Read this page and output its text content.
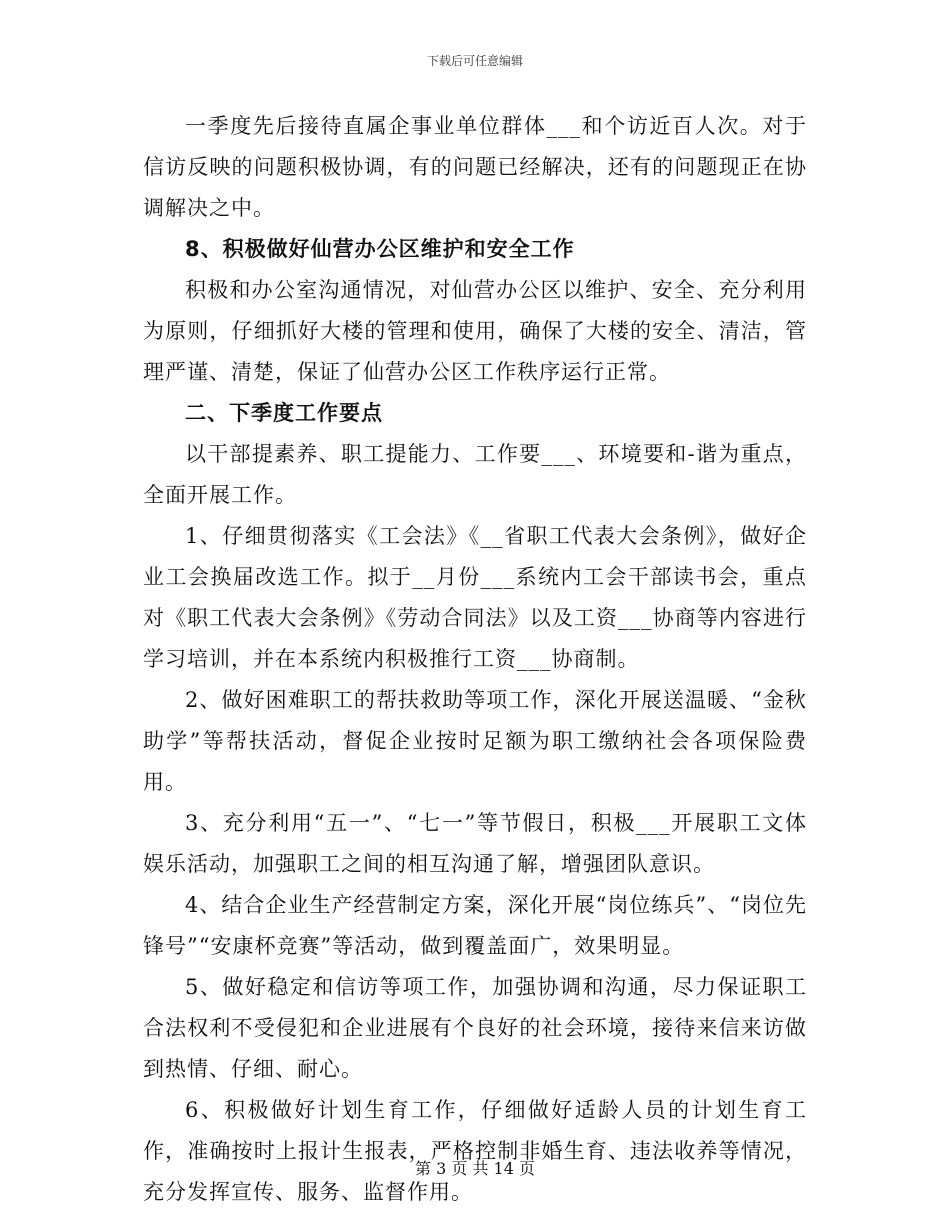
下载后可任意编辑

一季度先后接待直属企事业单位群体___和个访近百人次。对于信访反映的问题积极协调，有的问题已经解决，还有的问题现正在协调解决之中。

8、积极做好仙营办公区维护和安全工作

积极和办公室沟通情况，对仙营办公区以维护、安全、充分利用为原则，仔细抓好大楼的管理和使用，确保了大楼的安全、清洁，管理严谨、清楚，保证了仙营办公区工作秩序运行正常。

二、下季度工作要点

以干部提素养、职工提能力、工作要___、环境要和-谐为重点，全面开展工作。

1、仔细贯彻落实《工会法》《__省职工代表大会条例》，做好企业工会换届改选工作。拟于__月份___系统内工会干部读书会，重点对《职工代表大会条例》《劳动合同法》以及工资___协商等内容进行学习培训，并在本系统内积极推行工资___协商制。

2、做好困难职工的帮扶救助等项工作，深化开展送温暖、“金秋助学”等帮扶活动，督促企业按时足额为职工缴纳社会各项保险费用。

3、充分利用“五一”、“七一”等节假日，积极___开展职工文体娱乐活动，加强职工之间的相互沟通了解，增强团队意识。

4、结合企业生产经营制定方案，深化开展“岗位练兵”、“岗位先锋号”“安康杯竞赛”等活动，做到覆盖面广，效果明显。

5、做好稳定和信访等项工作，加强协调和沟通，尽力保证职工合法权利不受侵犯和企业进展有个良好的社会环境，接待来信来访做到热情、仔细、耐心。

6、积极做好计划生育工作，仔细做好适龄人员的计划生育工作，准确按时上报计生报表，严格控制非婚生育、违法收养等情况，充分发挥宣传、服务、监督作用。

第 3 页 共 14 页
